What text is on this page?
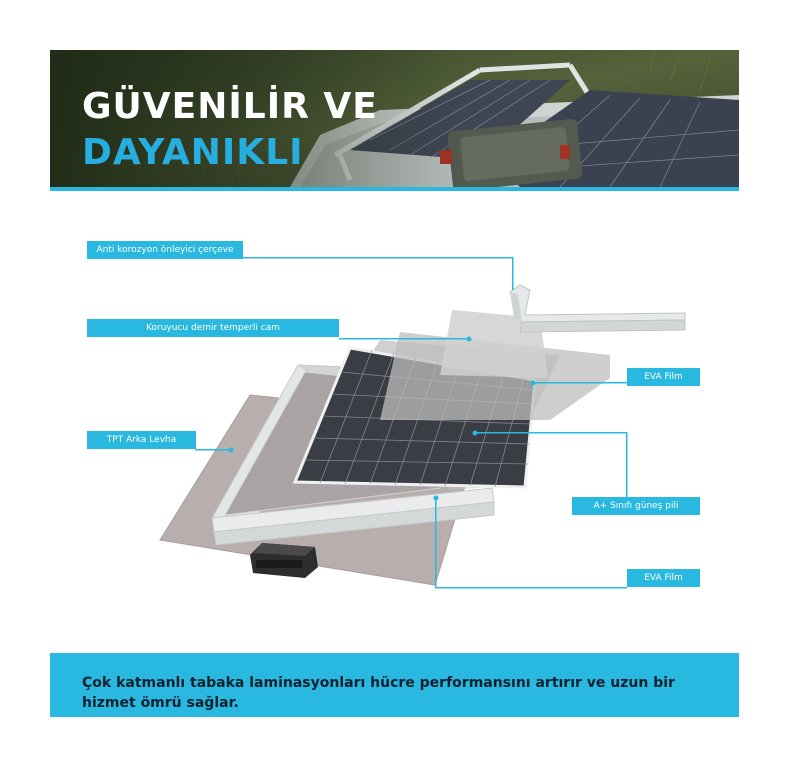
GÜVENİLİR VE
DAYANIKLI
Anti korozyon önleyici çerçeve
Koruyucu demir temperli cam
EVA Film
TPT Arka Levha
A+ Sınıfı güneş pili
EVA Film

Çok katmanlı tabaka laminasyonları hücre performansını artırır ve uzun bir hizmet ömrü sağlar.
